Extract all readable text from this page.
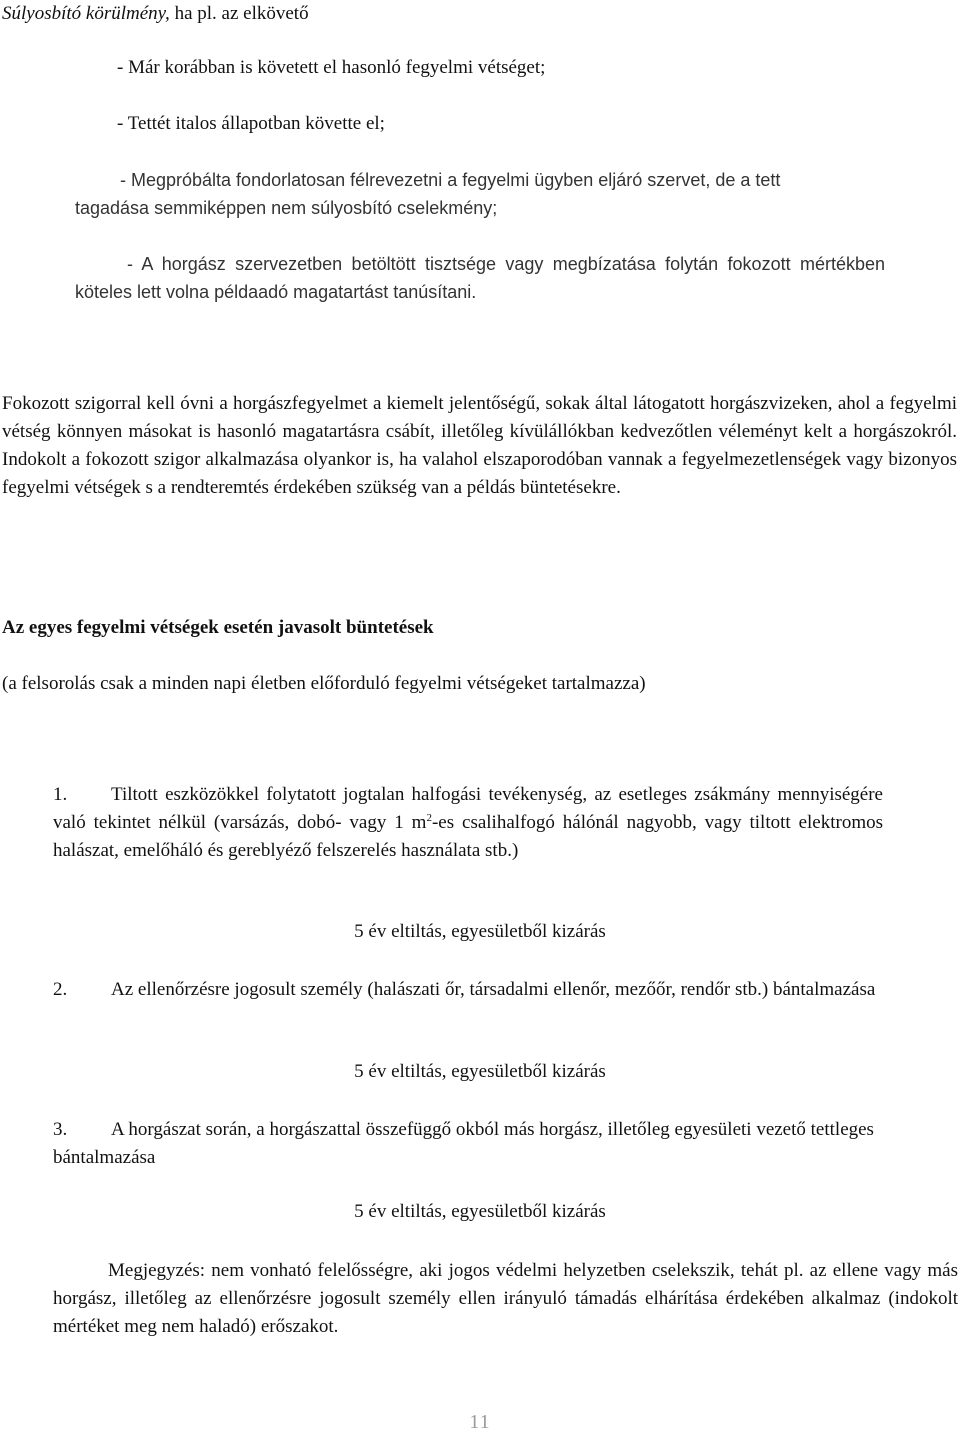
Súlyosbító körülmény, ha pl. az elkövető
- Már korábban is követett el hasonló fegyelmi vétséget;
- Tettét italos állapotban követte el;
- Megpróbálta fondorlatosan félrevezetni a fegyelmi ügyben eljáró szervet, de a tett
tagadása semmiképpen nem súlyosbító cselekmény;
- A horgász szervezetben betöltött tisztsége vagy megbízatása folytán fokozott mértékben köteles lett volna példaadó magatartást tanúsítani.

Fokozott szigorral kell óvni a horgászfegyelmet a kiemelt jelentőségű, sokak által látogatott horgászvizeken, ahol a fegyelmi vétség könnyen másokat is hasonló magatartásra csábít, illetőleg kívülállókban kedvezőtlen véleményt kelt a horgászokról. Indokolt a fokozott szigor alkalmazása olyankor is, ha valahol elszaporodóban vannak a fegyelmezetlenségek vagy bizonyos fegyelmi vétségek s a rendteremtés érdekében szükség van a példás büntetésekre.

Az egyes fegyelmi vétségek esetén javasolt büntetések
(a felsorolás csak a minden napi életben előforduló fegyelmi vétségeket tartalmazza)
1. Tiltott eszközökkel folytatott jogtalan halfogási tevékenység, az esetleges zsákmány mennyiségére való tekintet nélkül (varsázás, dobó- vagy 1 $m^2-es$ csalihalfogó hálónál nagyobb, vagy tiltott elektromos halászat, emelőháló és gereblyéző felszerelés használata stb.)
5 év eltiltás, egyesületből kizárás
2. Az ellenőrzésre jogosult személy (halászati őr, társadalmi ellenőr, mezőőr, rendőr stb.) bántalmazása
5 év eltiltás, egyesületből kizárás
3. A horgászat során, a horgászattal összefüggő okból más horgász, illetőleg egyesületi vezető tettleges bántalmazása
5 év eltiltás, egyesületből kizárás

Megjegyzés: nem vonható felelősségre, aki jogos védelmi helyzetben cselekszik, tehát pl. az ellene vagy más horgász, illetőleg az ellenőrzésre jogosult személy ellen irányuló támadás elhárítása érdekében alkalmaz (indokolt mértéket meg nem haladó) erőszakot.

11
